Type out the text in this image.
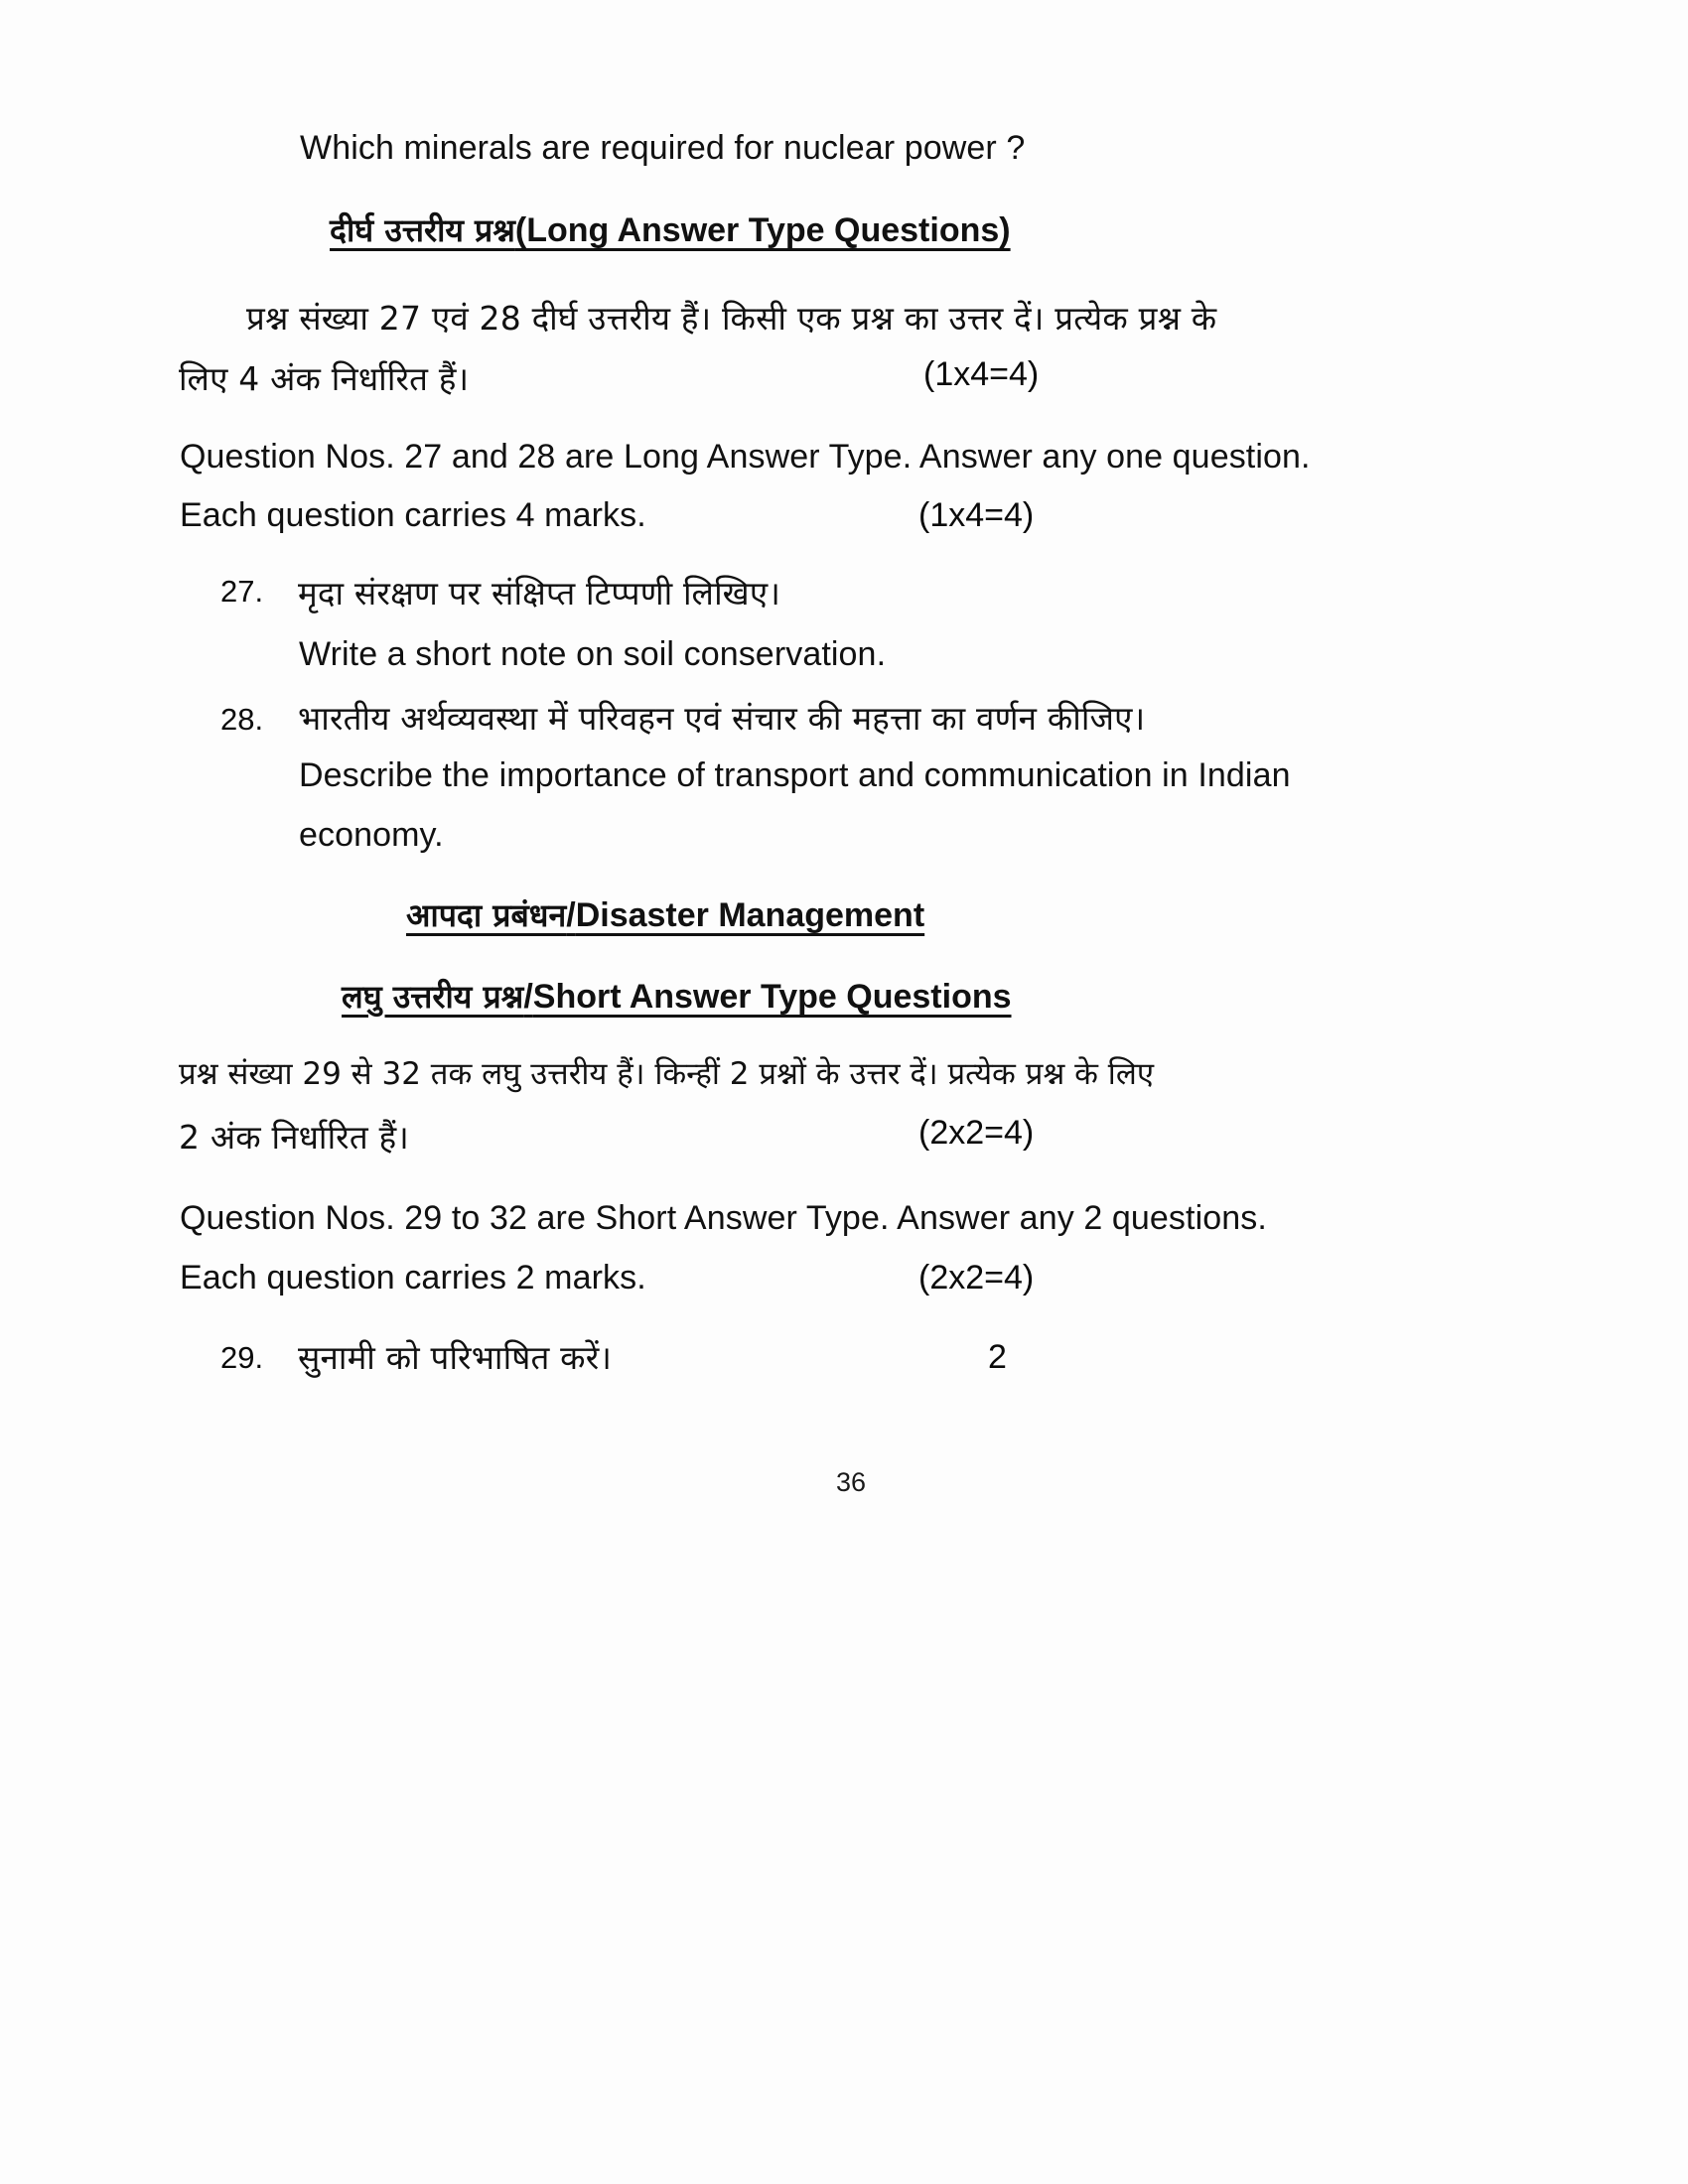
Which minerals are required for nuclear power ?
दीर्घ उत्तरीय प्रश्न(Long Answer Type Questions)
प्रश्न संख्या 27 एवं 28 दीर्घ उत्तरीय हैं। किसी एक प्रश्न का उत्तर दें। प्रत्येक प्रश्न के
लिए 4 अंक निर्धारित हैं।	(1x4=4)
Question Nos. 27 and 28 are Long Answer Type. Answer any one question.
Each question carries 4 marks.	(1x4=4)
27. मृदा संरक्षण पर संक्षिप्त टिप्पणी लिखिए।
Write a short note on soil conservation.
28. भारतीय अर्थव्यवस्था में परिवहन एवं संचार की महत्ता का वर्णन कीजिए।
Describe the importance of transport and communication in Indian
economy.
आपदा प्रबंधन/Disaster Management
लघु उत्तरीय प्रश्न/Short Answer Type Questions
प्रश्न संख्या 29 से 32 तक लघु उत्तरीय हैं। किन्हीं 2 प्रश्नों के उत्तर दें। प्रत्येक प्रश्न के लिए
2 अंक निर्धारित हैं।	(2x2=4)
Question Nos. 29 to 32 are Short Answer Type. Answer any 2 questions.
Each question carries 2 marks.	(2x2=4)
29. सुनामी को परिभाषित करें।	2
36
